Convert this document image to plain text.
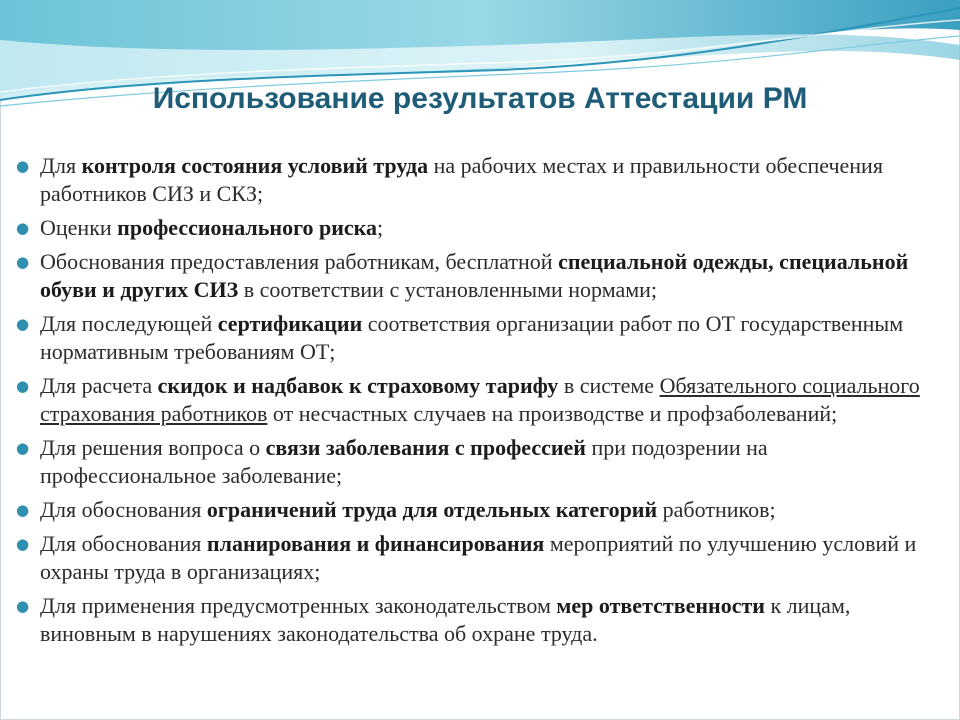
Использование результатов Аттестации РМ
● Для контроля состояния условий труда на рабочих местах и правильности обеспечения работников СИЗ и СКЗ;
● Оценки профессионального риска;
● Обоснования предоставления работникам, бесплатной специальной одежды, специальной обуви и других СИЗ в соответствии с установленными нормами;
● Для последующей сертификации соответствия организации работ по ОТ государственным нормативным требованиям ОТ;
● Для расчета скидок и надбавок к страховому тарифу в системе Обязательного социального страхования работников от несчастных случаев на производстве и профзаболеваний;
● Для решения вопроса о связи заболевания с профессией при подозрении на профессиональное заболевание;
● Для обоснования ограничений труда для отдельных категорий работников;
● Для обоснования планирования и финансирования мероприятий по улучшению условий и охраны труда в организациях;
● Для применения предусмотренных законодательством мер ответственности к лицам, виновным в нарушениях законодательства об охране труда.
